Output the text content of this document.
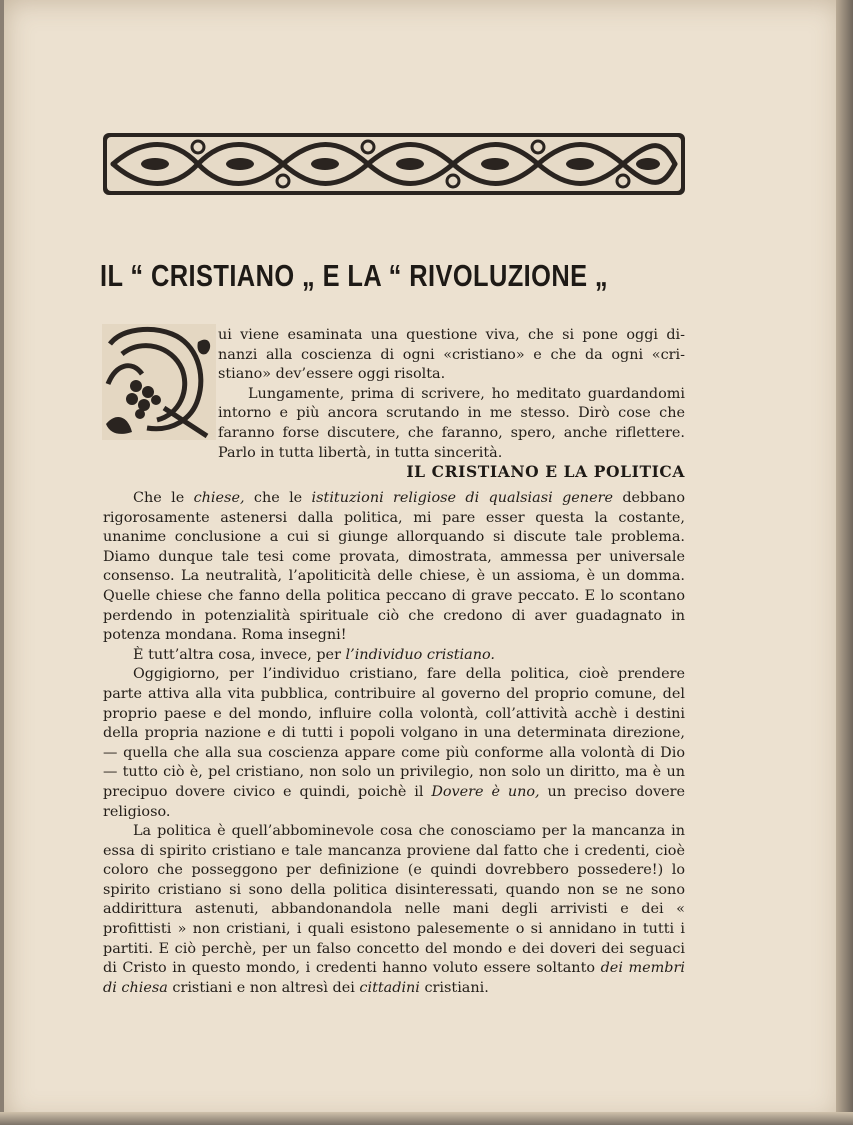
IL “ CRISTIANO „ E LA “ RIVOLUZIONE „

ui viene esaminata una questione viva, che si pone oggi di- nanzi alla coscienza di ogni «cristiano» e che da ogni «cri-stiano» dev’essere oggi risolta.

Lungamente, prima di scrivere, ho meditato guardandomi intorno e più ancora scrutando in me stesso. Dirò cose che faranno forse discutere, che faranno, spero, anche riflettere. Parlo in tutta libertà, in tutta sincerità.

IL CRISTIANO E LA POLITICA

Che le chiese, che le istituzioni religiose di qualsiasi genere debbano rigorosamente astenersi dalla politica, mi pare esser questa la costante, unanime conclusione a cui si giunge allorquando si discute tale problema. Diamo dunque tale tesi come provata, dimostrata, ammessa per universale consenso. La neutralità, l’apoliticità delle chiese, è un assioma, è un domma. Quelle chiese che fanno della politica peccano di grave peccato. E lo scontano perdendo in potenzialità spirituale ciò che credono di aver guadagnato in potenza mondana. Roma insegni!

È tutt’altra cosa, invece, per l’individuo cristiano.

Oggigiorno, per l’individuo cristiano, fare della politica, cioè prendere parte attiva alla vita pubblica, contribuire al governo del proprio comune, del proprio paese e del mondo, influire colla volontà, coll’attività acchè i destini della propria nazione e di tutti i popoli volgano in una determinata direzione, — quella che alla sua coscienza appare come più conforme alla volontà di Dio — tutto ciò è, pel cristiano, non solo un privilegio, non solo un diritto, ma è un precipuo dovere civico e quindi, poichè il Dovere è uno, un preciso dovere religioso.

La politica è quell’abbominevole cosa che conosciamo per la mancanza in essa di spirito cristiano e tale mancanza proviene dal fatto che i credenti, cioè coloro che posseggono per definizione (e quindi dovrebbero possedere!) lo spirito cristiano si sono della politica disinteressati, quando non se ne sono addirittura astenuti, abbandonandola nelle mani degli arrivisti e dei « profittisti » non cristiani, i quali esistono palesemente o si annidano in tutti i partiti. E ciò perchè, per un falso concetto del mondo e dei doveri dei seguaci di Cristo in questo mondo, i credenti hanno voluto essere soltanto dei membri di chiesa cristiani e non altresì dei cittadini cristiani.
